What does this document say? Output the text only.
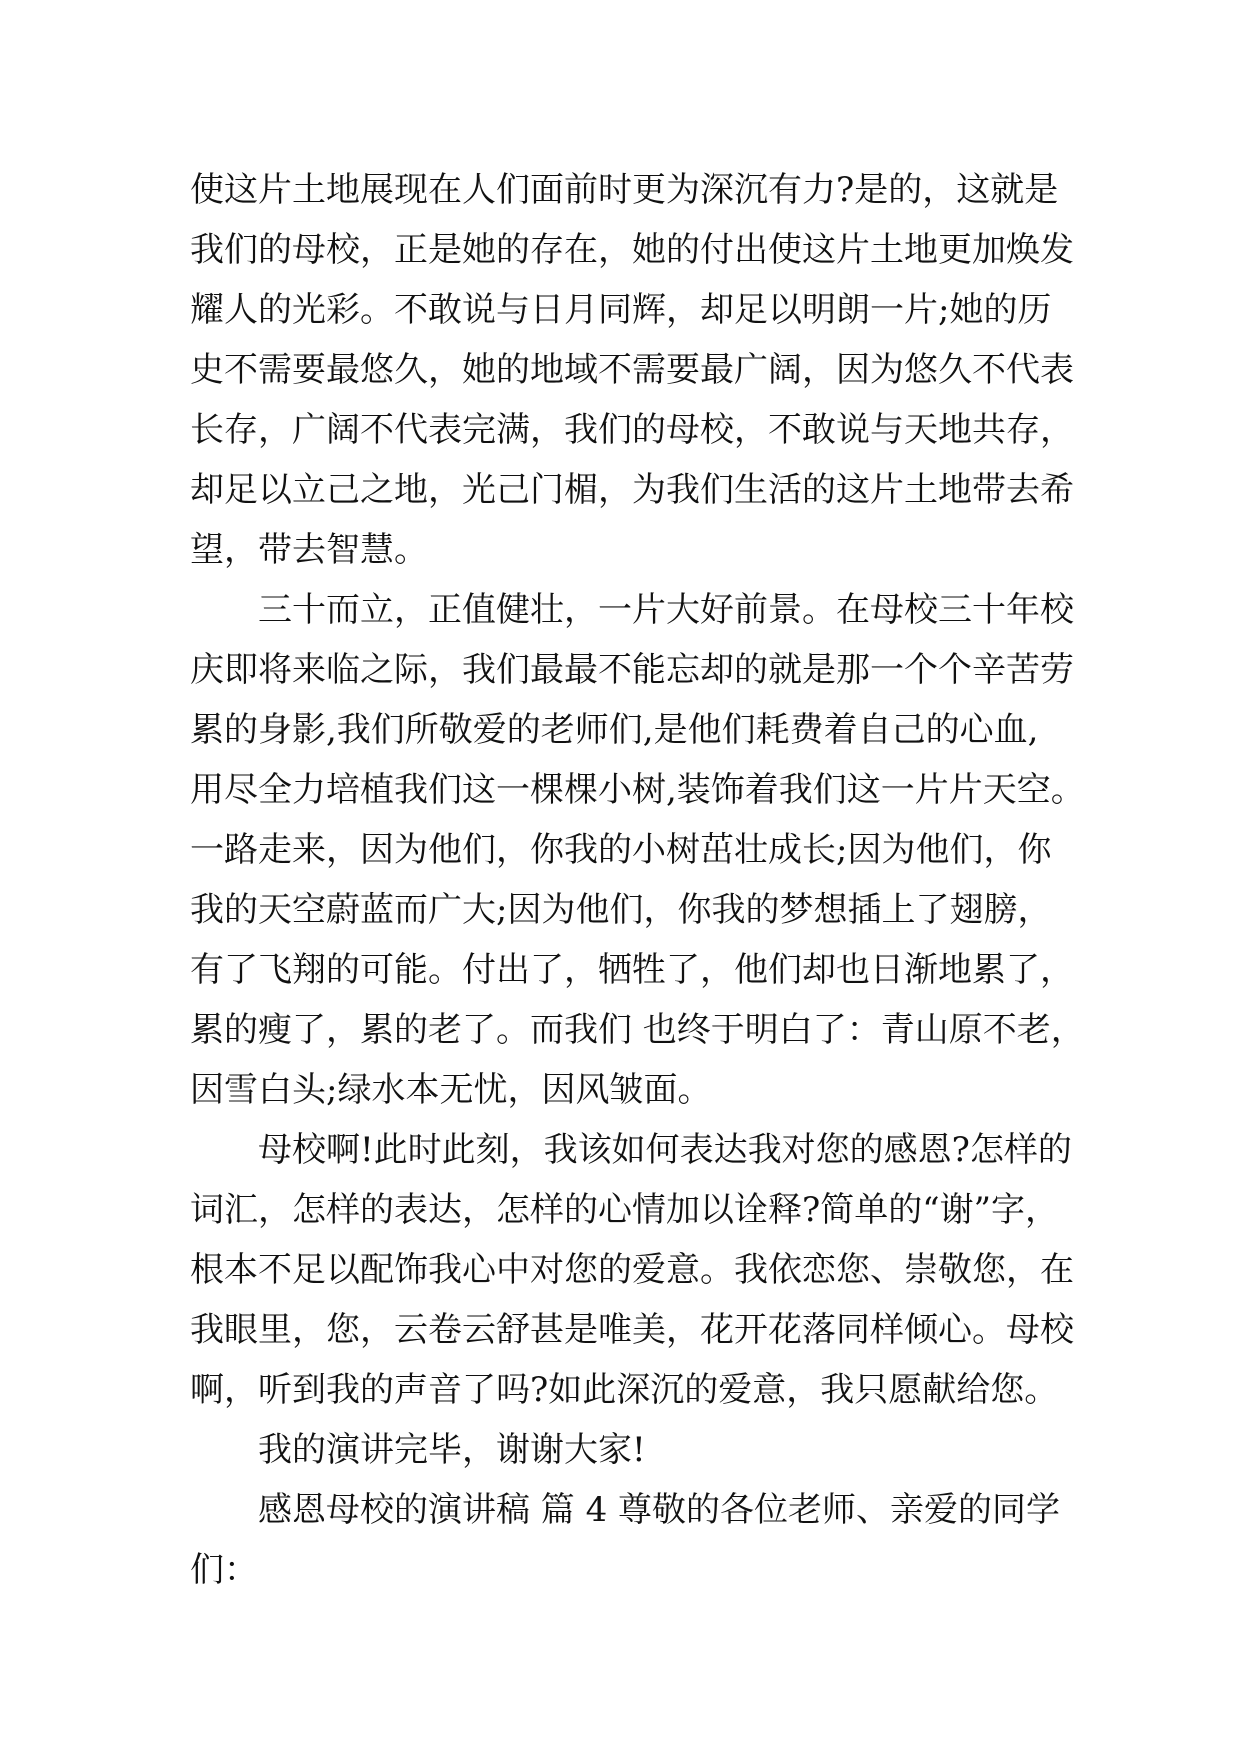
使这片土地展现在人们面前时更为深沉有力?是的，这就是
我们的母校，正是她的存在，她的付出使这片土地更加焕发
耀人的光彩。不敢说与日月同辉，却足以明朗一片;她的历
史不需要最悠久，她的地域不需要最广阔，因为悠久不代表
长存，广阔不代表完满，我们的母校，不敢说与天地共存，
却足以立己之地，光己门楣，为我们生活的这片土地带去希
望，带去智慧。
三十而立，正值健壮，一片大好前景。在母校三十年校
庆即将来临之际，我们最最不能忘却的就是那一个个辛苦劳
累的身影,我们所敬爱的老师们,是他们耗费着自己的心血,
用尽全力培植我们这一棵棵小树,装饰着我们这一片片天空。
一路走来，因为他们，你我的小树茁壮成长;因为他们，你
我的天空蔚蓝而广大;因为他们，你我的梦想插上了翅膀，
有了飞翔的可能。付出了，牺牲了，他们却也日渐地累了，
累的瘦了，累的老了。而我们 也终于明白了：青山原不老，
因雪白头;绿水本无忧，因风皱面。
母校啊!此时此刻，我该如何表达我对您的感恩?怎样的
词汇，怎样的表达，怎样的心情加以诠释?简单的“谢”字，
根本不足以配饰我心中对您的爱意。我依恋您、崇敬您，在
我眼里，您，云卷云舒甚是唯美，花开花落同样倾心。母校
啊，听到我的声音了吗?如此深沉的爱意，我只愿献给您。
我的演讲完毕，谢谢大家!
感恩母校的演讲稿 篇 4 尊敬的各位老师、亲爱的同学
们：
